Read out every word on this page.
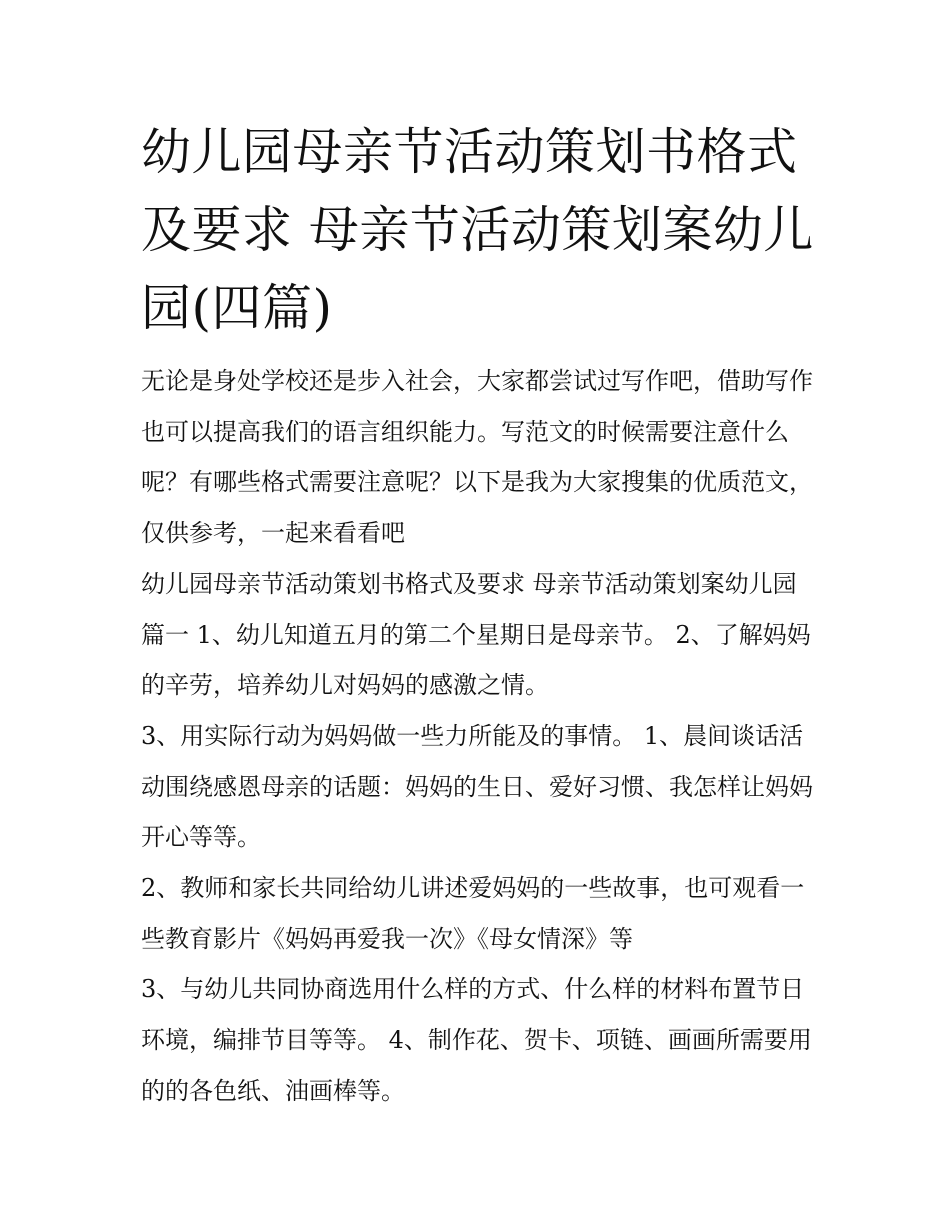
幼儿园母亲节活动策划书格式及要求 母亲节活动策划案幼儿园(四篇)

无论是身处学校还是步入社会，大家都尝试过写作吧，借助写作也可以提高我们的语言组织能力。写范文的时候需要注意什么呢？有哪些格式需要注意呢？以下是我为大家搜集的优质范文，仅供参考，一起来看看吧

幼儿园母亲节活动策划书格式及要求 母亲节活动策划案幼儿园篇一 1、幼儿知道五月的第二个星期日是母亲节。 2、了解妈妈的辛劳，培养幼儿对妈妈的感激之情。

3、用实际行动为妈妈做一些力所能及的事情。 1、晨间谈话活动围绕感恩母亲的话题：妈妈的生日、爱好习惯、我怎样让妈妈开心等等。

2、教师和家长共同给幼儿讲述爱妈妈的一些故事，也可观看一些教育影片《妈妈再爱我一次》《母女情深》等

3、与幼儿共同协商选用什么样的方式、什么样的材料布置节日环境，编排节目等等。 4、制作花、贺卡、项链、画画所需要用的的各色纸、油画棒等。
